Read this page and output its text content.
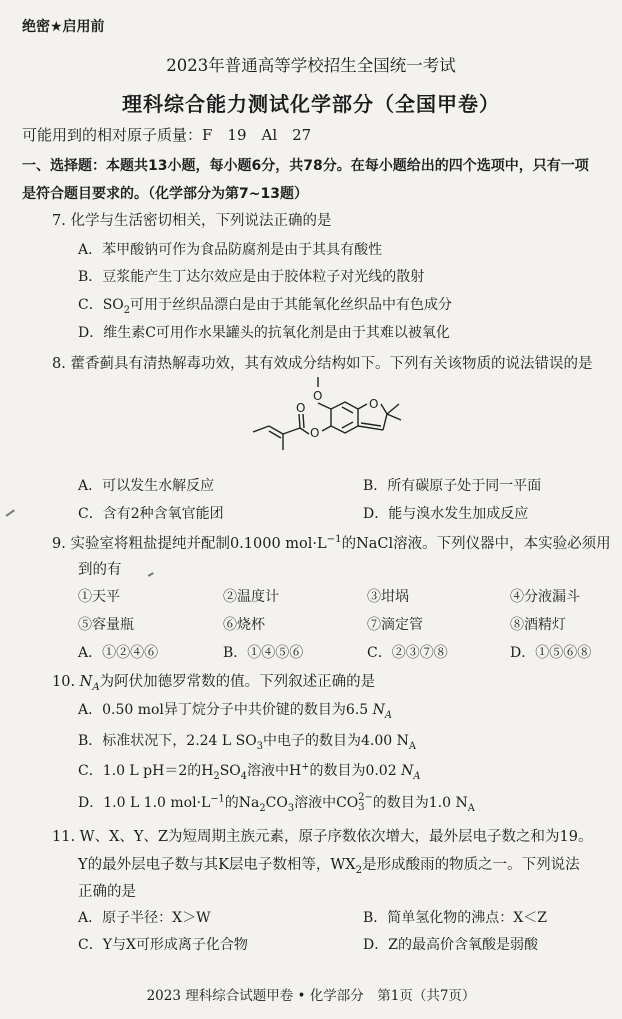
绝密★启用前
2023年普通高等学校招生全国统一考试
理科综合能力测试化学部分（全国甲卷）
可能用到的相对原子质量：F　19　Al　27
一、选择题：本题共13小题，每小题6分，共78分。在每小题给出的四个选项中，只有一项是符合题目要求的。（化学部分为第7~13题）
7. 化学与生活密切相关，下列说法正确的是
A．苯甲酸钠可作为食品防腐剂是由于其具有酸性
B．豆浆能产生丁达尔效应是由于胶体粒子对光线的散射
C．$SO_2$可用于丝织品漂白是由于其能氧化丝织品中有色成分
D．维生素C可用作水果罐头的抗氧化剂是由于其难以被氧化
8. 藿香蓟具有清热解毒功效，其有效成分结构如下。下列有关该物质的说法错误的是
O
O
O
O
A．可以发生水解反应	B．所有碳原子处于同一平面
C．含有2种含氧官能团	D．能与溴水发生加成反应
9. 实验室将粗盐提纯并配制0.1000 $mol\cdot L^{-1}$的NaCl溶液。下列仪器中，本实验必须用
到的有
①天平	②温度计	③坩埚	④分液漏斗
⑤容量瓶	⑥烧杯	⑦滴定管	⑧酒精灯
A．①②④⑥	B．①④⑤⑥	C．②③⑦⑧	D．①⑤⑥⑧
10. $N_A$为阿伏加德罗常数的值。下列叙述正确的是
A．0.50 mol异丁烷分子中共价键的数目为6.5 $N_A$
B．标准状况下，2.24 L $SO_3$中电子的数目为4.00 $N_A$
C．1.0 L pH＝2的$H_2SO_4$溶液中H+的数目为0.02 $N_A$
D．1.0 L 1.0 $mol\cdot L^{-1}$的$Na_2CO_3$溶液中CO 2−
3 的数目为1.0 $N_A$
11. W、X、Y、Z为短周期主族元素，原子序数依次增大，最外层电子数之和为19。
Y的最外层电子数与其K层电子数相等，$WX_2$是形成酸雨的物质之一。下列说法
正确的是
A．原子半径：X＞W	B．简单氢化物的沸点：X＜Z
C．Y与X可形成离子化合物	D．Z的最高价含氧酸是弱酸
2023 理科综合试题甲卷 • 化学部分　第1页（共7页）
